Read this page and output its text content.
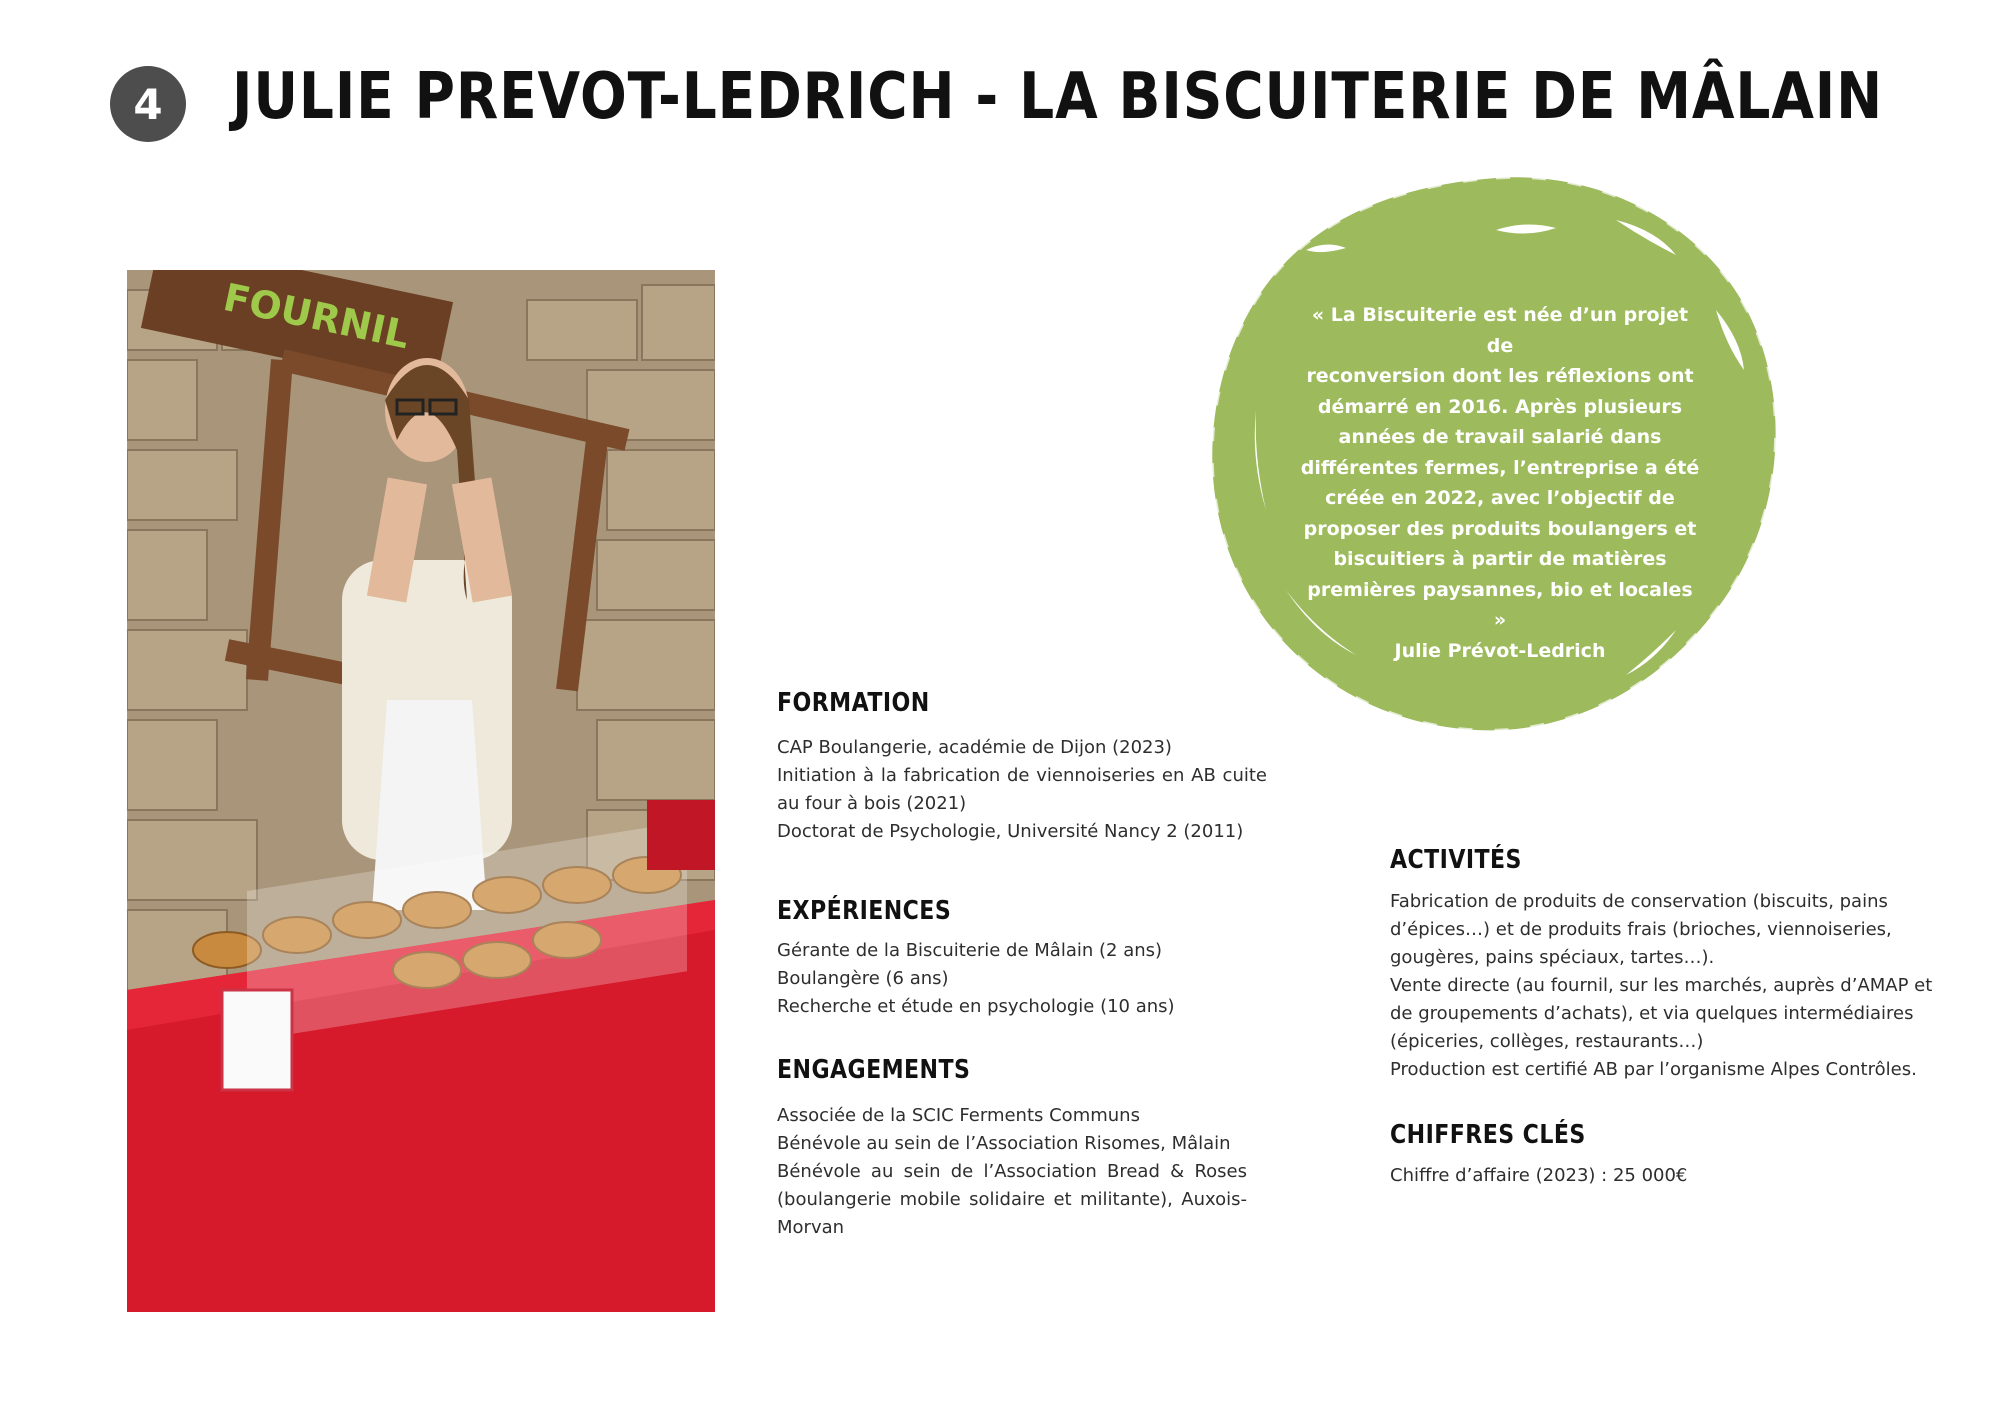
4 JULIE PREVOT-LEDRICH - LA BISCUITERIE DE MÂLAIN
FOURNIL	« La Biscuiterie est née d’un projet de
reconversion dont les réflexions ont
démarré en 2016. Après plusieurs
années de travail salarié dans
différentes fermes, l’entreprise a été
créée en 2022, avec l’objectif de
proposer des produits boulangers et
biscuitiers à partir de matières
premières paysannes, bio et locales »
Julie Prévot-Ledrich
FORMATION

CAP Boulangerie, académie de Dijon (2023)

Initiation à la fabrication de viennoiseries en AB cuite au four à bois (2021)

Doctorat de Psychologie, Université Nancy 2 (2011)

EXPÉRIENCES

Gérante de la Biscuiterie de Mâlain (2 ans)

Boulangère (6 ans)

Recherche et étude en psychologie (10 ans)

ENGAGEMENTS

Associée de la SCIC Ferments Communs

Bénévole au sein de l’Association Risomes, Mâlain

Bénévole au sein de l’Association Bread & Roses (boulangerie mobile solidaire et militante), Auxois-Morvan

ACTIVITÉS

Fabrication de produits de conservation (biscuits, pains d’épices…) et de produits frais (brioches, viennoiseries, gougères, pains spéciaux, tartes…).

Vente directe (au fournil, sur les marchés, auprès d’AMAP et de groupements d’achats), et via quelques intermédiaires (épiceries, collèges, restaurants…)

Production est certifié AB par l’organisme Alpes Contrôles.

CHIFFRES CLÉS

Chiffre d’affaire (2023) : 25 000€
